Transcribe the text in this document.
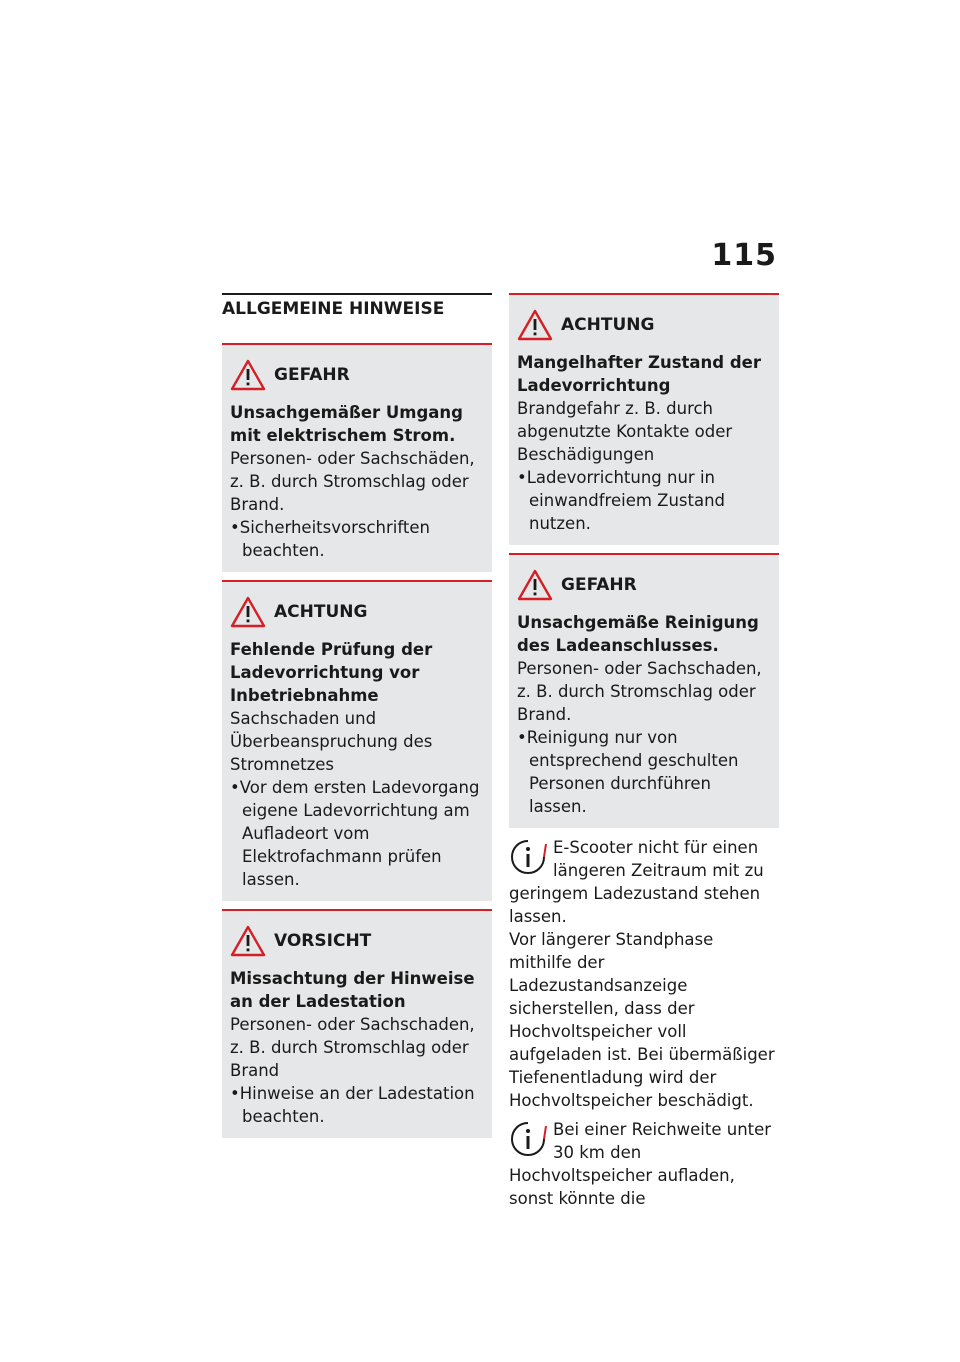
115
ALLGEMEINE HINWEISE
GEFAHR
Unsachgemäßer Umgang mit elektrischem Strom.
Personen- oder Sachschäden, z. B. durch Stromschlag oder Brand.
• Sicherheitsvorschriften beachten.
ACHTUNG
Fehlende Prüfung der Ladevorrichtung vor Inbetriebnahme
Sachschaden und Überbeanspruchung des Stromnetzes
• Vor dem ersten Ladevorgang eigene Ladevorrichtung am Aufladeort vom Elektrofachmann prüfen lassen.
VORSICHT
Missachtung der Hinweise an der Ladestation
Personen- oder Sachschaden, z. B. durch Stromschlag oder Brand
• Hinweise an der Ladestation beachten.
ACHTUNG
Mangelhafter Zustand der Ladevorrichtung
Brandgefahr z. B. durch abgenutzte Kontakte oder Beschädigungen
• Ladevorrichtung nur in einwandfreiem Zustand nutzen.
GEFAHR
Unsachgemäße Reinigung des Ladeanschlusses.
Personen- oder Sachschaden, z. B. durch Stromschlag oder Brand.
• Reinigung nur von entsprechend geschulten Personen durchführen lassen.
E-Scooter nicht für einen längeren Zeitraum mit zu geringem Ladezustand stehen lassen.
Vor längerer Standphase mithilfe der Ladezustandsanzeige sicherstellen, dass der Hochvoltspeicher voll aufgeladen ist. Bei übermäßiger Tiefenentladung wird der Hochvoltspeicher beschädigt.
Bei einer Reichweite unter 30 km den Hochvoltspeicher aufladen, sonst könnte die
